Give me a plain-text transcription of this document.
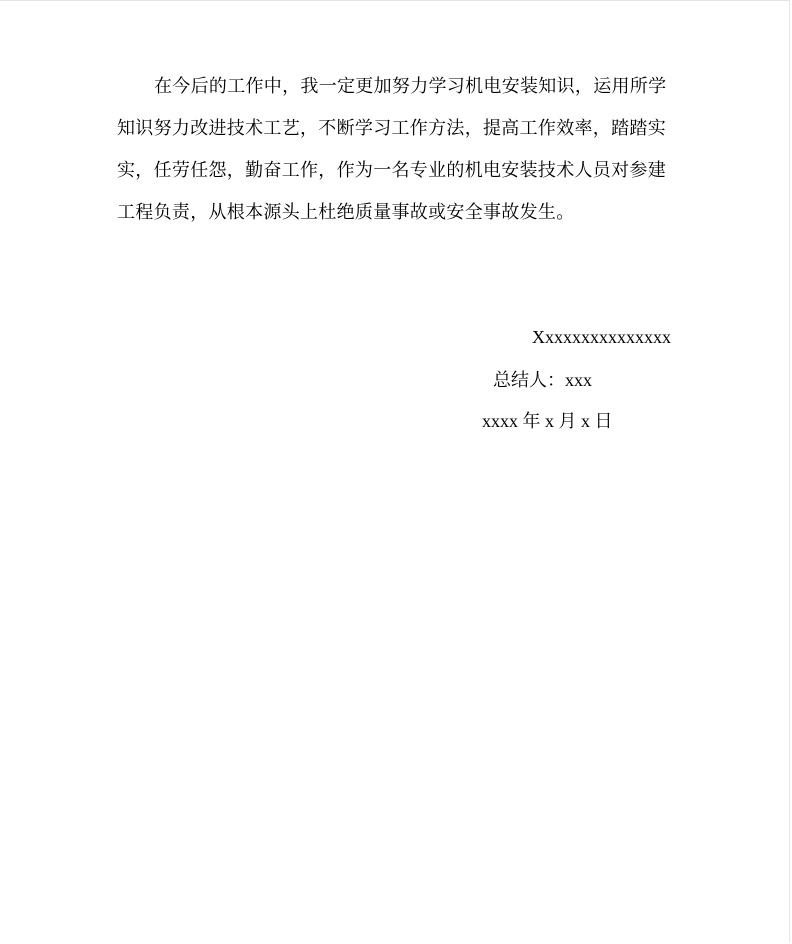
在今后的工作中，我一定更加努力学习机电安装知识，运用所学
知识努力改进技术工艺，不断学习工作方法，提高工作效率，踏踏实
实，任劳任怨，勤奋工作，作为一名专业的机电安装技术人员对参建
工程负责，从根本源头上杜绝质量事故或安全事故发生。
Xxxxxxxxxxxxxxx
总结人：xxx
xxxx 年 x 月 x 日
